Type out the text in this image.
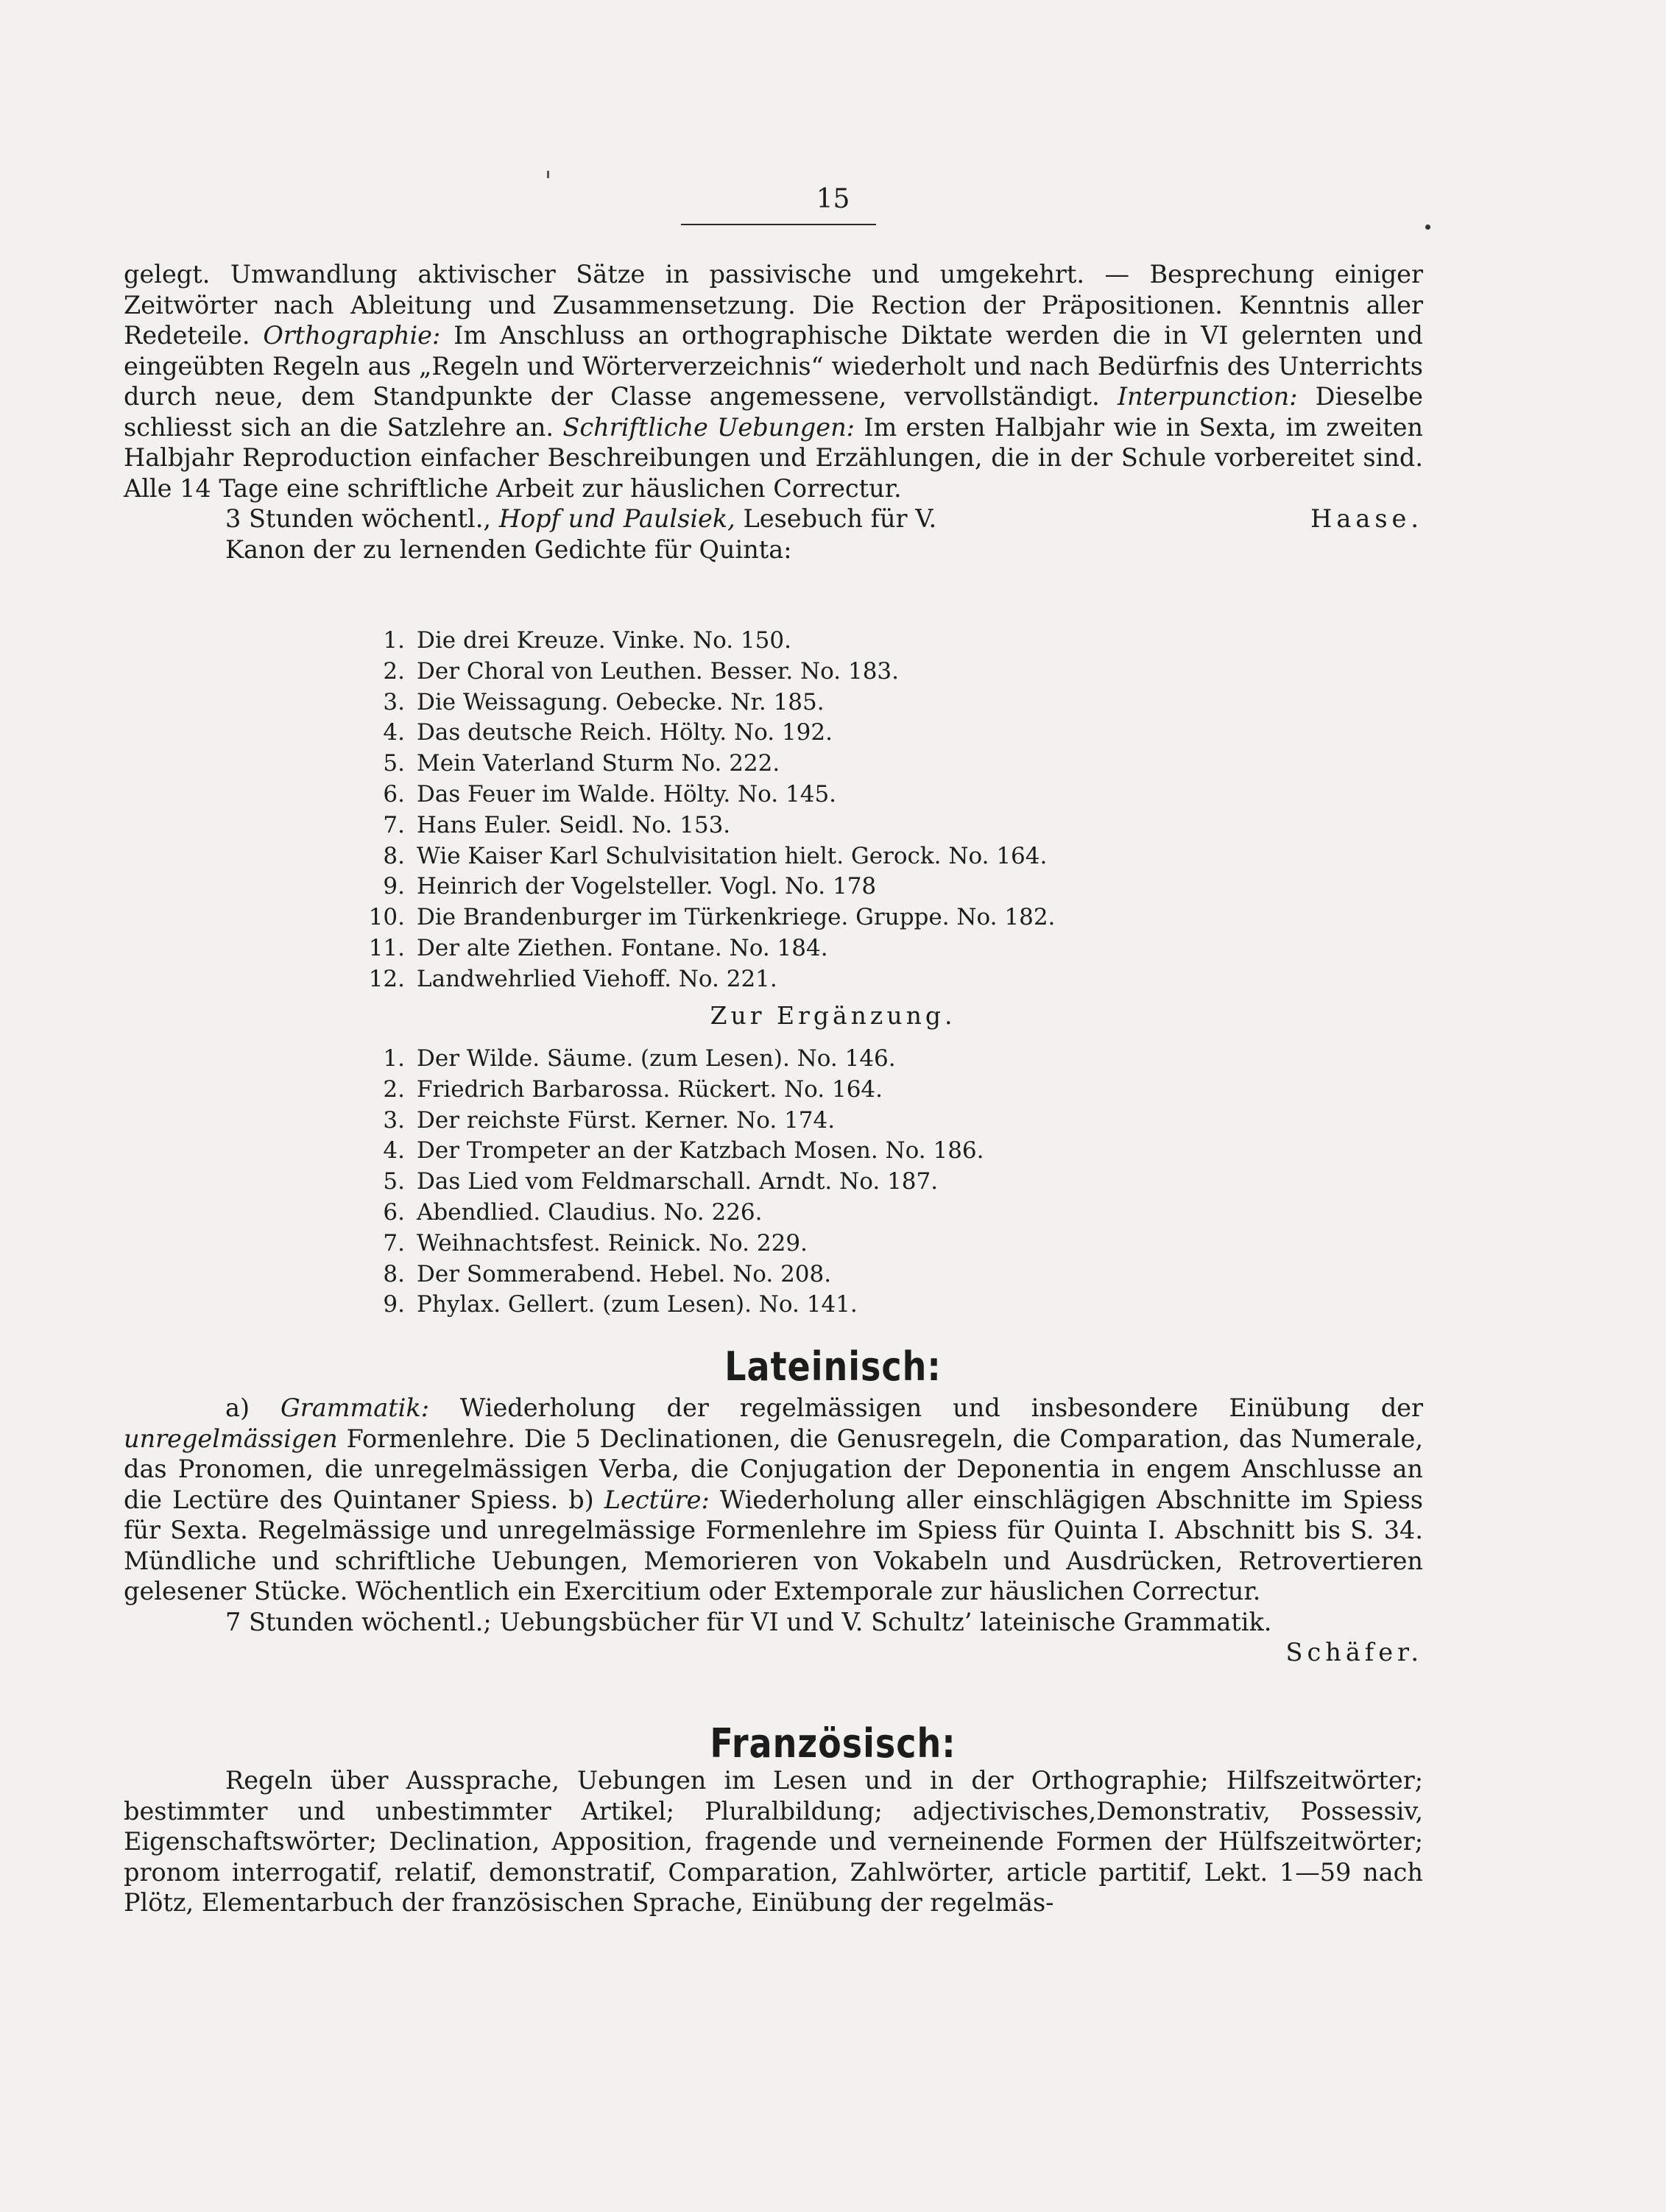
15

gelegt. Umwandlung aktivischer Sätze in passivische und umgekehrt. — Besprechung einiger Zeitwörter nach Ableitung und Zusammensetzung. Die Rection der Präpositionen. Kenntnis aller Redeteile. Orthographie: Im Anschluss an orthographische Diktate werden die in VI gelernten und eingeübten Regeln aus „Regeln und Wörterverzeichnis“ wiederholt und nach Bedürfnis des Unterrichts durch neue, dem Standpunkte der Classe angemessene, vervollständigt. Interpunction: Dieselbe schliesst sich an die Satzlehre an. Schriftliche Uebungen: Im ersten Halbjahr wie in Sexta, im zweiten Halbjahr Reproduction einfacher Beschreibungen und Erzählungen, die in der Schule vorbereitet sind. Alle 14 Tage eine schriftliche Arbeit zur häuslichen Correctur.

3 Stunden wöchentl., Hopf und Paulsiek, Lesebuch für V.	Haase.

Kanon der zu lernenden Gedichte für Quinta:

1. Die drei Kreuze. Vinke. No. 150.
2. Der Choral von Leuthen. Besser. No. 183.
3. Die Weissagung. Oebecke. Nr. 185.
4. Das deutsche Reich. Hölty. No. 192.
5. Mein Vaterland Sturm No. 222.
6. Das Feuer im Walde. Hölty. No. 145.
7. Hans Euler. Seidl. No. 153.
8. Wie Kaiser Karl Schulvisitation hielt. Gerock. No. 164.
9. Heinrich der Vogelsteller. Vogl. No. 178
10. Die Brandenburger im Türkenkriege. Gruppe. No. 182.
11. Der alte Ziethen. Fontane. No. 184.
12. Landwehrlied Viehoff. No. 221.
Zur Ergänzung.
1. Der Wilde. Säume. (zum Lesen). No. 146.
2. Friedrich Barbarossa. Rückert. No. 164.
3. Der reichste Fürst. Kerner. No. 174.
4. Der Trompeter an der Katzbach Mosen. No. 186.
5. Das Lied vom Feldmarschall. Arndt. No. 187.
6. Abendlied. Claudius. No. 226.
7. Weihnachtsfest. Reinick. No. 229.
8. Der Sommerabend. Hebel. No. 208.
9. Phylax. Gellert. (zum Lesen). No. 141.
Lateinisch:

a) Grammatik: Wiederholung der regelmässigen und insbesondere Einübung der unregelmässigen Formenlehre. Die 5 Declinationen, die Genusregeln, die Comparation, das Numerale, das Pronomen, die unregelmässigen Verba, die Conjugation der Deponentia in engem Anschlusse an die Lectüre des Quintaner Spiess. b) Lectüre: Wiederholung aller einschlägigen Abschnitte im Spiess für Sexta. Regelmässige und unregelmässige Formenlehre im Spiess für Quinta I. Abschnitt bis S. 34. Mündliche und schriftliche Uebungen, Memorieren von Vokabeln und Ausdrücken, Retrovertieren gelesener Stücke. Wöchentlich ein Exercitium oder Extemporale zur häuslichen Correctur.

7 Stunden wöchentl.; Uebungsbücher für VI und V. Schultz’ lateinische Grammatik.

Schäfer.

Französisch:

Regeln über Aussprache, Uebungen im Lesen und in der Orthographie; Hilfszeitwörter; bestimmter und unbestimmter Artikel; Pluralbildung; adjectivisches,Demonstrativ, Possessiv, Eigenschaftswörter; Declination, Apposition, fragende und verneinende Formen der Hülfszeitwörter; pronom interrogatif, relatif, demonstratif, Comparation, Zahlwörter, article partitif, Lekt. 1—59 nach Plötz, Elementarbuch der französischen Sprache, Einübung der regelmäs-
